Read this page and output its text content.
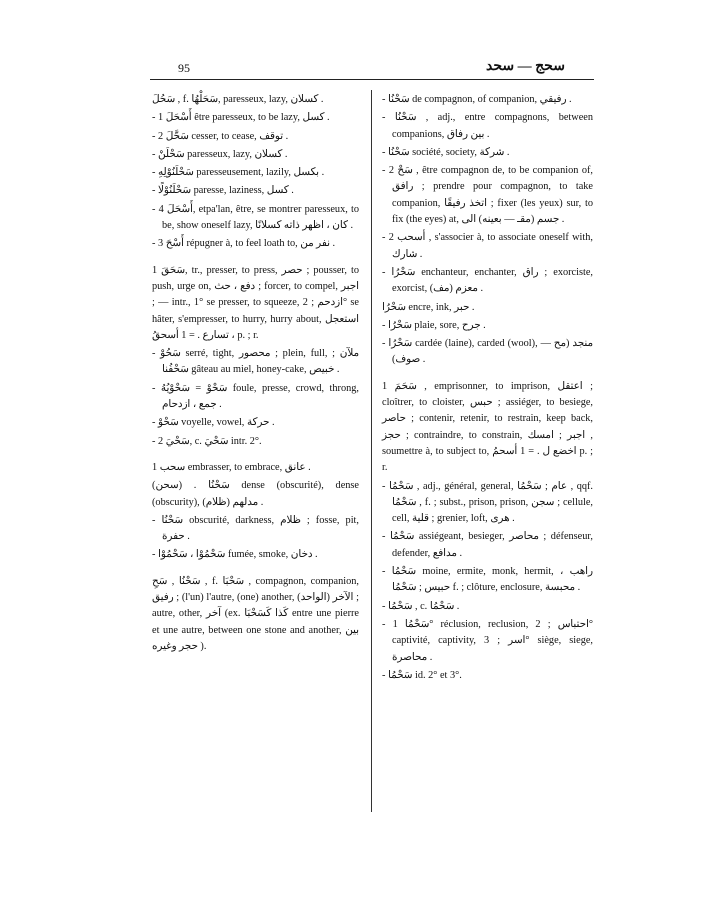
95	سحج — سحد
سَحُلَ , f. سَحَلْهُا, paresseux, lazy, كسلان .
- 1 أَسْحَلَ être paresseux, to be lazy, كسل .
- 2 سَحَّلَ cesser, to cease, توقف .
- سَحْلَنْ paresseux, lazy, كسلان .
- سَحْلَنُوْلِهِ paresseusement, lazily, بكسل .
- سَحْلَنُوْلًا paresse, laziness, كسل .
- 4 أَسْحَلَ, etpa'lan, être, se montrer paresseux, to be, show oneself lazy, كان ، اظهر ذاته كسلانًا .
- 3 أَسْحَ répugner à, to feel loath to, نفر من .
1 سَحَقَ, tr., presser, to press, حصر ; pousser, to push, urge on, دفع ، حث ; forcer, to compel, اجبر ; — intr., 1° se presser, to squeeze, ازدحم ; 2° se hâter, s'empresser, to hurry, hurry about, استعجل ، تسارع . = 1 أسحقُ p. ; r.
- سَحُوْ serré, tight, محصور ; plein, full, ملآن ; سَحْفُنا gâteau au miel, honey-cake, خبيص .
- سَحْوْ = سَحْوْيُهُ foule, presse, crowd, throng, جمع ، ازدحام .
- سَحْوْ voyelle, vowel, حركة .
- 2 سَحْيَ, c. سَحْيَ intr. 2°.
1 سحب embrasser, to embrace, عانق .
(سحن) . سَحْنُا dense (obscurité), dense (obscurity), مدلهم (ظلام) .
- سَحْنُا obscurité, darkness, ظلام ; fosse, pit, حفرة .
- سَحْمُوْا ، سَحْمُوْا fumée, smoke, دخان .
سَحْنُا , سَحِ , f. سَحْبَا , compagnon, companion, رفيق ; (l'un) l'autre, (one) another, (الواحد) الآخر ; autre, other, آخر (ex. كَذا كَسَحْبَا entre une pierre et une autre, between one stone and another, بين حجر وغيره ).
- سَحْنُا de compagnon, of companion, رفيقي .
- سَحْنُا , adj., entre compagnons, between companions, بين رفاق .
- سَحْنُا société, society, شركة .
- 2 سَحْ , être compagnon de, to be companion of, رافق ; prendre pour compagnon, to take companion, اتخذ رفيقًا ; fixer (les yeux) sur, to fix (the eyes) at, جسم (مقـ — بعينه) الى .
- 2 أسحب , s'associer à, to associate oneself with, شارك .
- سَحْرُا enchanteur, enchanter, راق ; exorciste, exorcist, معزم (مف) .
سَحْرُا encre, ink, حبر .
- سَحْرُا plaie, sore, جرح .
- سَحْرُا cardée (laine), carded (wool), منجد (مح — صوف) .
1 سَحَمَ , emprisonner, to imprison, اعتقل ; cloîtrer, to cloister, حبس ; assiéger, to besiege, حاصر ; contenir, retenir, to restrain, keep back, حجز ; contraindre, to constrain, اجبر ; امسك , soumettre à, to subject to, اخضع ل . = 1 أسحمُ p. ; r.
- سَحْمُا , adj., général, general, عام ; سَحْمُا , qqf. سَحْمُا , f. ; subst., prison, prison, سجن ; cellule, cell, قلية ; grenier, loft, هرى .
- سَحْمُا assiégeant, besieger, محاصر ; défenseur, defender, مدافع .
- سَحْمُا moine, ermite, monk, hermit, راهب ، حبيس ; سَحْمُا f. ; clôture, enclosure, محبسة .
- سَحْمُا , c. سَحْمُا .
- سَحْمُا 1° réclusion, reclusion, احتباس ; 2° captivité, captivity, اسر ; 3° siège, siege, محاصرة .
- سَحْمُا id. 2° et 3°.
